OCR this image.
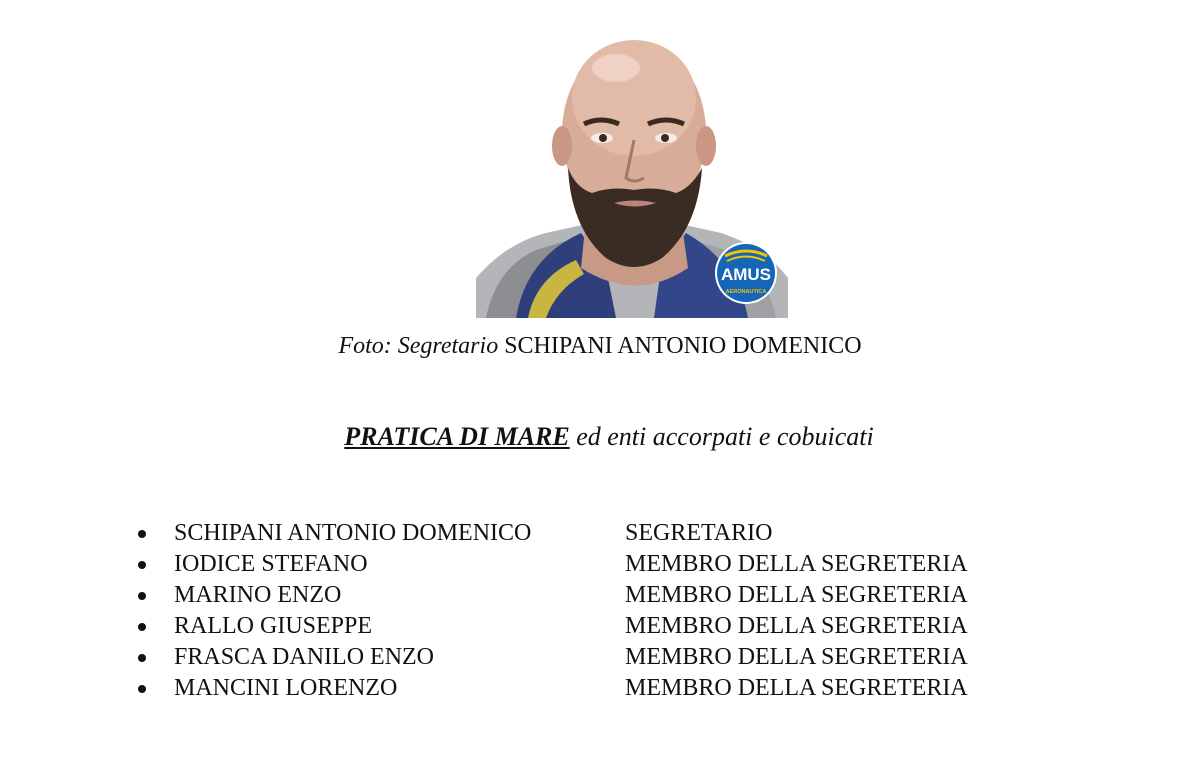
AMUS
AERONAUTICA
Foto: Segretario SCHIPANI ANTONIO DOMENICO
PRATICA DI MARE ed enti accorpati e cobuicati
SCHIPANI ANTONIO DOMENICO	SEGRETARIO
IODICE STEFANO	MEMBRO DELLA SEGRETERIA
MARINO ENZO	MEMBRO DELLA SEGRETERIA
RALLO GIUSEPPE	MEMBRO DELLA SEGRETERIA
FRASCA DANILO ENZO	MEMBRO DELLA SEGRETERIA
MANCINI LORENZO	MEMBRO DELLA SEGRETERIA
